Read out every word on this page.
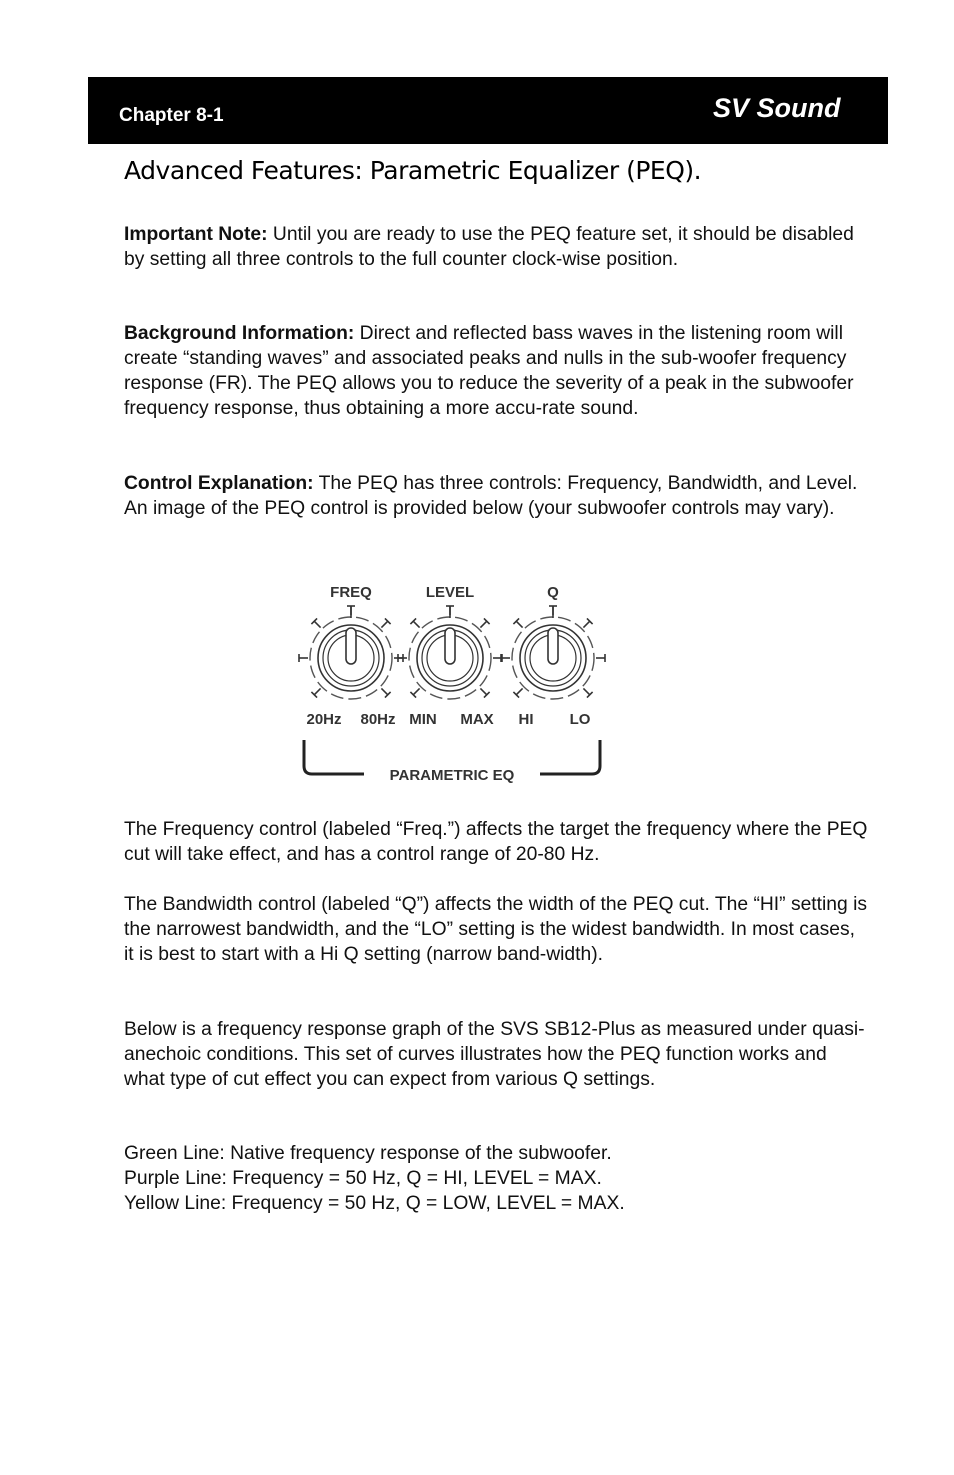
Chapter 8-1	SV Sound
Advanced Features: Parametric Equalizer (PEQ).

Important Note: Until you are ready to use the PEQ feature set, it should be disabled by setting all three controls to the full counter clock-wise position.

Background Information: Direct and reflected bass waves in the listening room will create “standing waves” and associated peaks and nulls in the sub-woofer frequency response (FR). The PEQ allows you to reduce the severity of a peak in the subwoofer frequency response, thus obtaining a more accu-rate sound.

Control Explanation: The PEQ has three controls: Frequency, Bandwidth, and Level. An image of the PEQ control is provided below (your subwoofer controls may vary).

FREQ
20Hz 80Hz
LEVEL
MIN MAX
Q
HI LO
PARAMETRIC EQ

The Frequency control (labeled “Freq.”) affects the target the frequency where the PEQ cut will take effect, and has a control range of 20-80 Hz.

The Bandwidth control (labeled “Q”) affects the width of the PEQ cut. The “HI” setting is the narrowest bandwidth, and the “LO” setting is the widest bandwidth. In most cases, it is best to start with a Hi Q setting (narrow band-width).

Below is a frequency response graph of the SVS SB12-Plus as measured under quasi-anechoic conditions. This set of curves illustrates how the PEQ function works and what type of cut effect you can expect from various Q settings.

Green Line: Native frequency response of the subwoofer.
Purple Line: Frequency = 50 Hz, Q = HI, LEVEL = MAX.
Yellow Line: Frequency = 50 Hz, Q = LOW, LEVEL = MAX.
